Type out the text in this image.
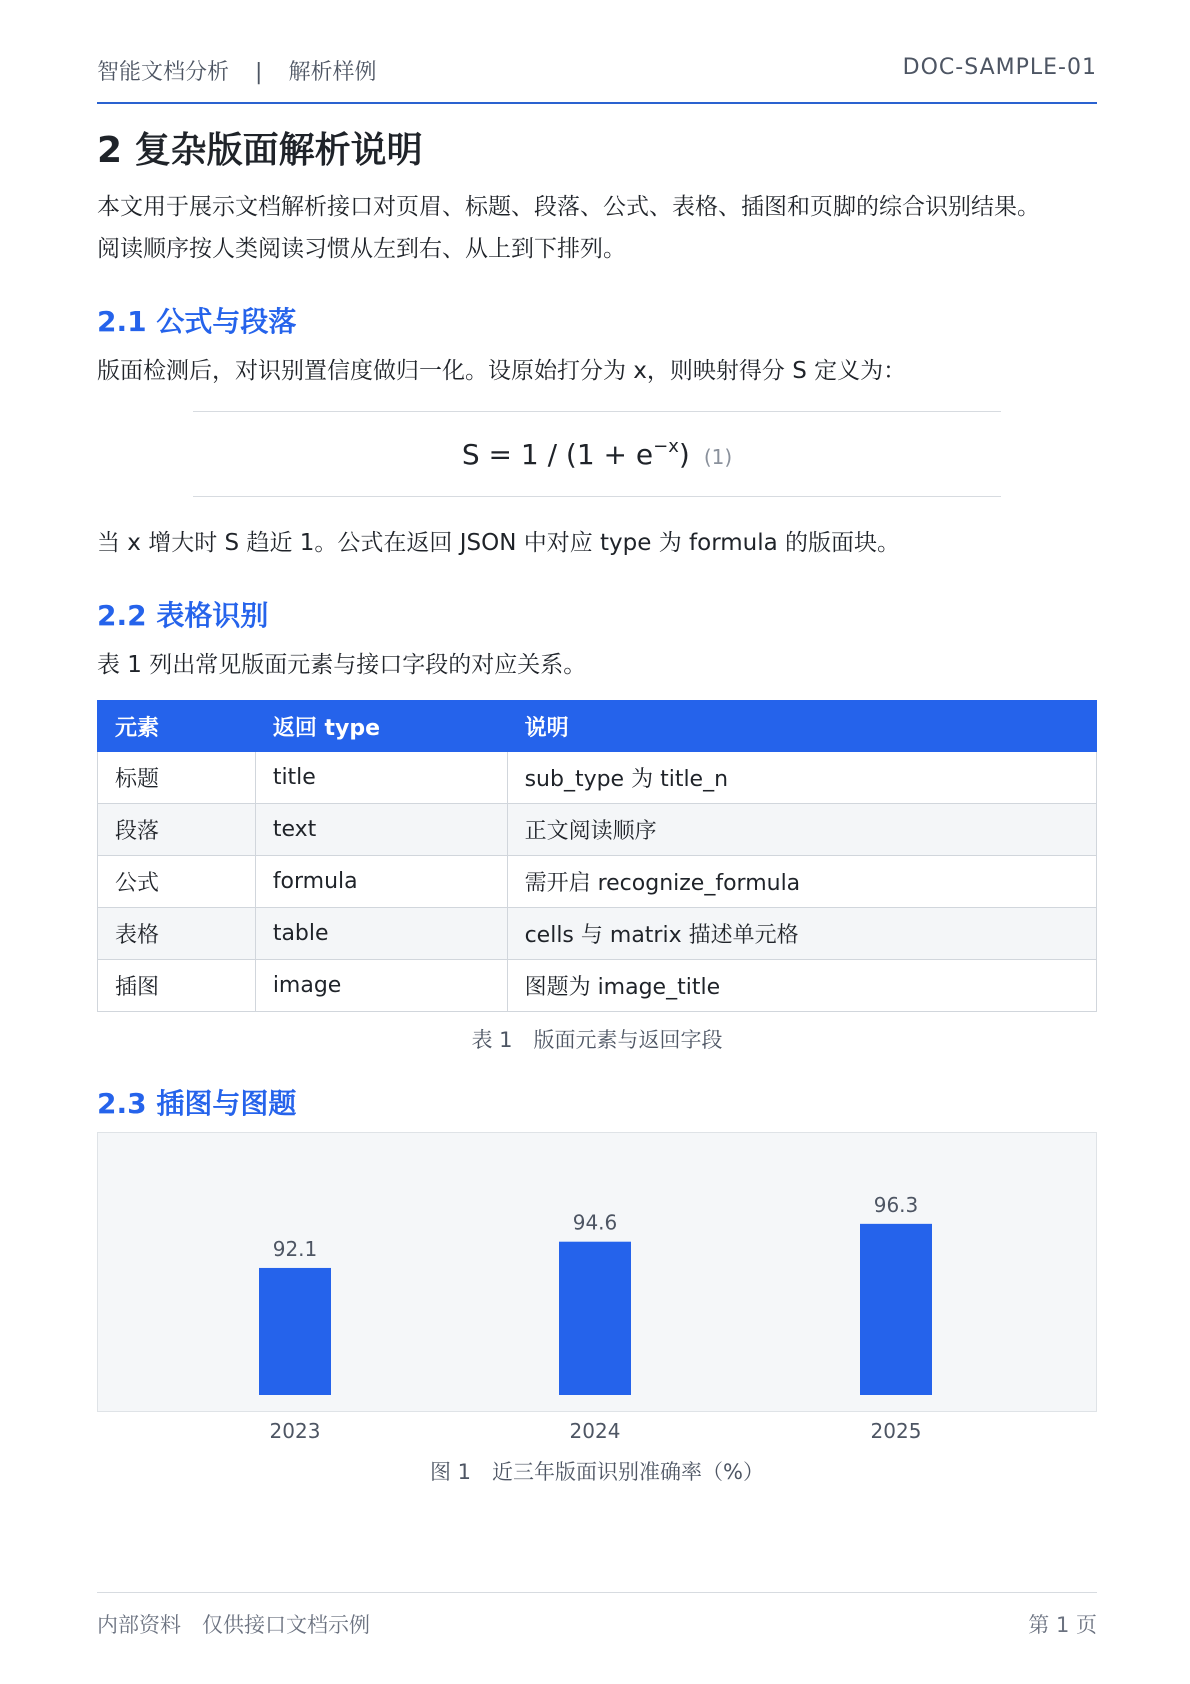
智能文档分析 | 解析样例	DOC-SAMPLE-01
2 复杂版面解析说明

本文用于展示文档解析接口对页眉、标题、段落、公式、表格、插图和页脚的综合识别结果。

阅读顺序按人类阅读习惯从左到右、从上到下排列。

2.1 公式与段落

版面检测后，对识别置信度做归一化。设原始打分为 x，则映射得分 S 定义为：

$S = 1 / (1 + e^{-x})$ (1)

当 x 增大时 S 趋近 1。公式在返回 JSON 中对应 type 为 formula 的版面块。

2.2 表格识别

表 1 列出常见版面元素与接口字段的对应关系。

元素	返回 type	说明
标题	title	sub_type 为 title_n
段落	text	正文阅读顺序
公式	formula	需开启 recognize_formula
表格	table	cells 与 matrix 描述单元格
插图	image	图题为 image_title
表 1　版面元素与返回字段
2.3 插图与图题
92.1
94.6
96.3
2023	2024	2025
图 1　近三年版面识别准确率（%）
内部资料　仅供接口文档示例	第 1 页
